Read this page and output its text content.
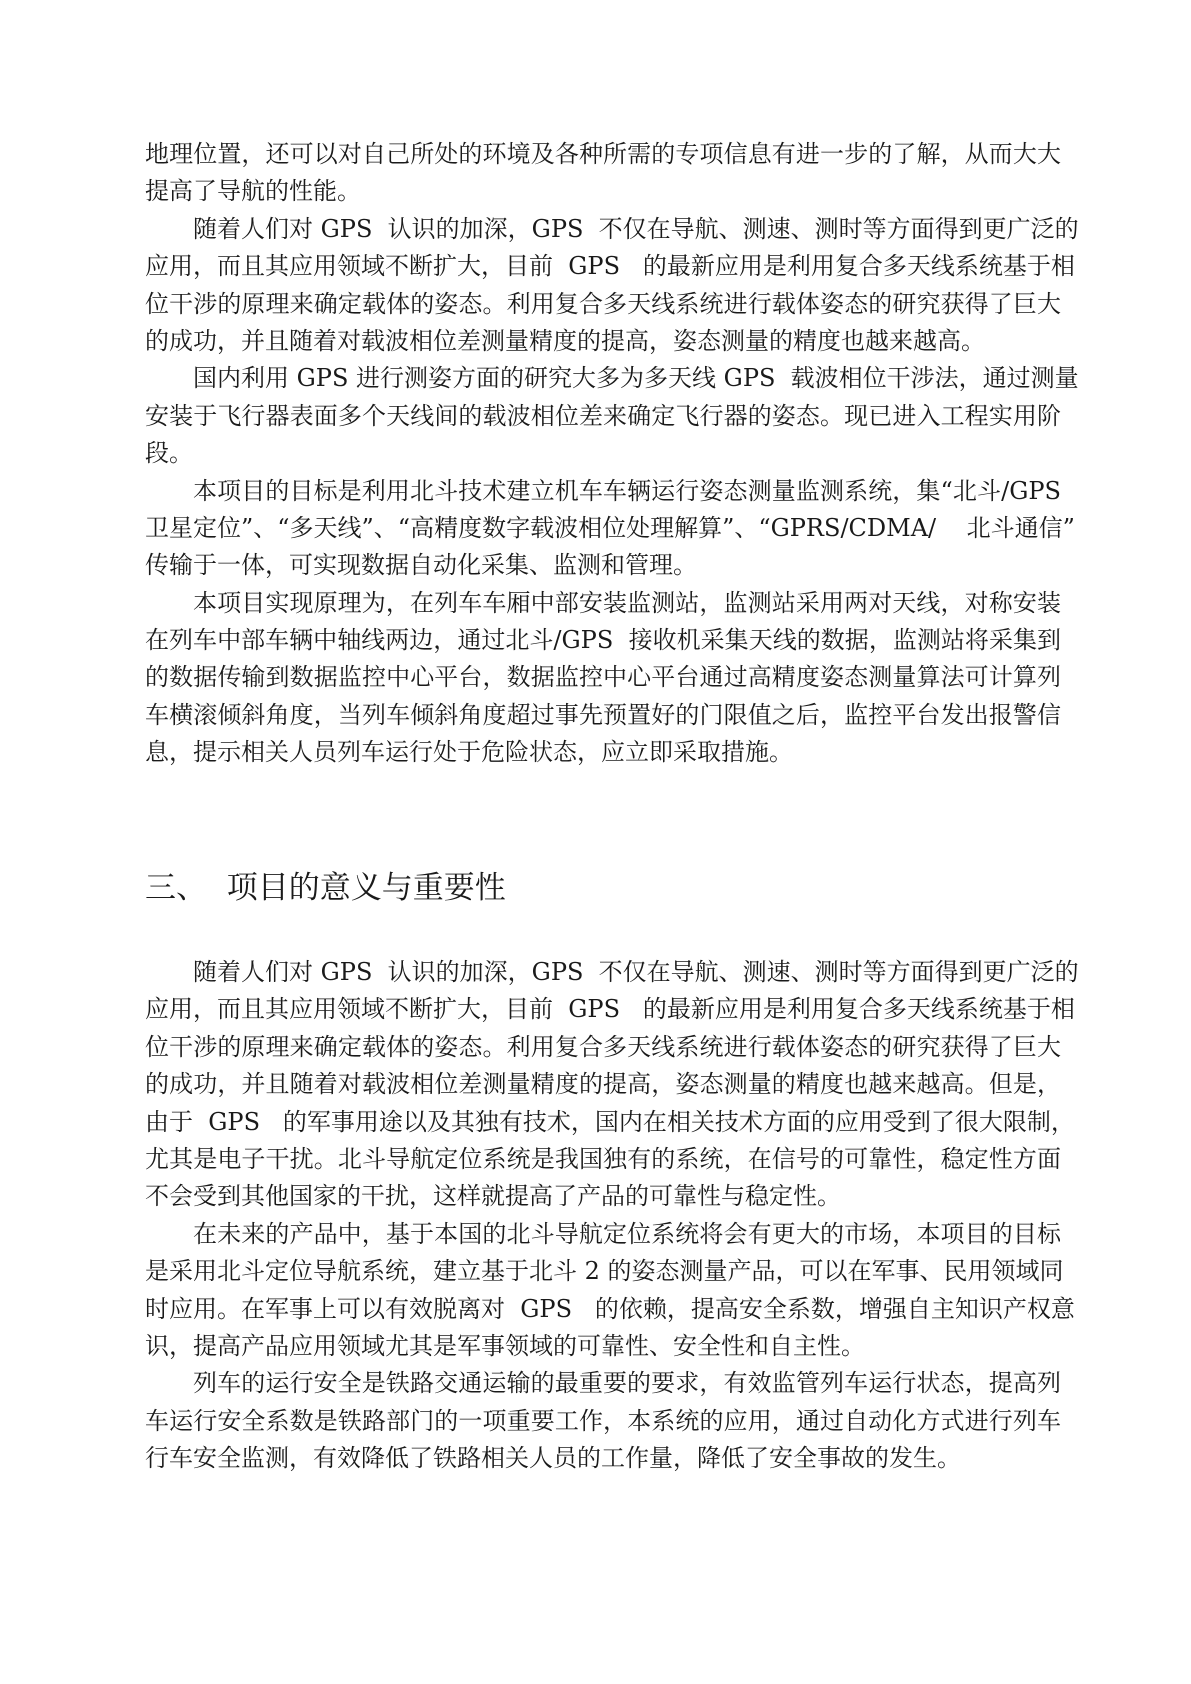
地理位置，还可以对自己所处的环境及各种所需的专项信息有进一步的了解，从而大大
提高了导航的性能。
随着人们对 GPS  认识的加深，GPS  不仅在导航、测速、测时等方面得到更广泛的
应用，而且其应用领域不断扩大，目前  GPS   的最新应用是利用复合多天线系统基于相
位干涉的原理来确定载体的姿态。利用复合多天线系统进行载体姿态的研究获得了巨大
的成功，并且随着对载波相位差测量精度的提高，姿态测量的精度也越来越高。
国内利用 GPS 进行测姿方面的研究大多为多天线 GPS  载波相位干涉法，通过测量
安装于飞行器表面多个天线间的载波相位差来确定飞行器的姿态。现已进入工程实用阶
段。
本项目的目标是利用北斗技术建立机车车辆运行姿态测量监测系统，集“北斗/GPS
卫星定位”、“多天线”、“高精度数字载波相位处理解算”、“GPRS/CDMA/    北斗通信”
传输于一体，可实现数据自动化采集、监测和管理。
本项目实现原理为，在列车车厢中部安装监测站，监测站采用两对天线，对称安装
在列车中部车辆中轴线两边，通过北斗/GPS  接收机采集天线的数据，监测站将采集到
的数据传输到数据监控中心平台，数据监控中心平台通过高精度姿态测量算法可计算列
车横滚倾斜角度，当列车倾斜角度超过事先预置好的门限值之后，监控平台发出报警信
息，提示相关人员列车运行处于危险状态，应立即采取措施。
三、  项目的意义与重要性
随着人们对 GPS  认识的加深，GPS  不仅在导航、测速、测时等方面得到更广泛的
应用，而且其应用领域不断扩大，目前  GPS   的最新应用是利用复合多天线系统基于相
位干涉的原理来确定载体的姿态。利用复合多天线系统进行载体姿态的研究获得了巨大
的成功，并且随着对载波相位差测量精度的提高，姿态测量的精度也越来越高。但是，
由于  GPS   的军事用途以及其独有技术，国内在相关技术方面的应用受到了很大限制，
尤其是电子干扰。北斗导航定位系统是我国独有的系统，在信号的可靠性，稳定性方面
不会受到其他国家的干扰，这样就提高了产品的可靠性与稳定性。
在未来的产品中，基于本国的北斗导航定位系统将会有更大的市场，本项目的目标
是采用北斗定位导航系统，建立基于北斗 2 的姿态测量产品，可以在军事、民用领域同
时应用。在军事上可以有效脱离对  GPS   的依赖，提高安全系数，增强自主知识产权意
识，提高产品应用领域尤其是军事领域的可靠性、安全性和自主性。
列车的运行安全是铁路交通运输的最重要的要求，有效监管列车运行状态，提高列
车运行安全系数是铁路部门的一项重要工作，本系统的应用，通过自动化方式进行列车
行车安全监测，有效降低了铁路相关人员的工作量，降低了安全事故的发生。
